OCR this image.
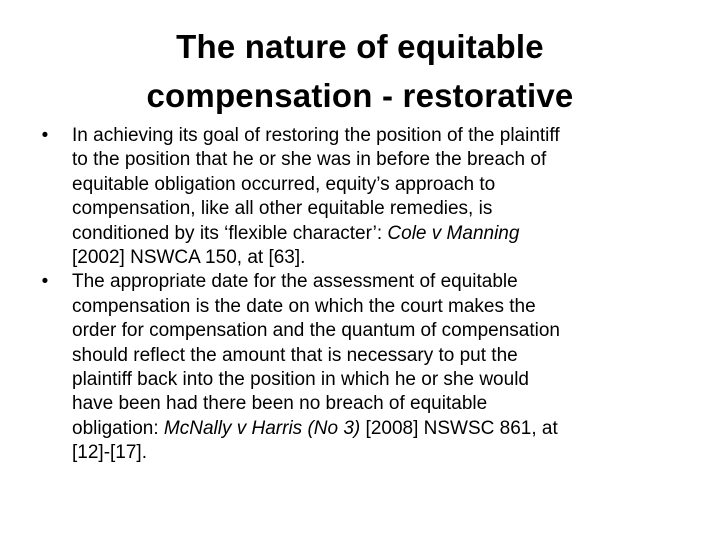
The nature of equitable
compensation - restorative
• In achieving its goal of restoring the position of the plaintiff
to the position that he or she was in before the breach of
equitable obligation occurred, equity’s approach to
compensation, like all other equitable remedies, is
conditioned by its ‘flexible character’: Cole v Manning
[2002] NSWCA 150, at [63].
• The appropriate date for the assessment of equitable
compensation is the date on which the court makes the
order for compensation and the quantum of compensation
should reflect the amount that is necessary to put the
plaintiff back into the position in which he or she would
have been had there been no breach of equitable
obligation: McNally v Harris (No 3) [2008] NSWSC 861, at
[12]-[17].
